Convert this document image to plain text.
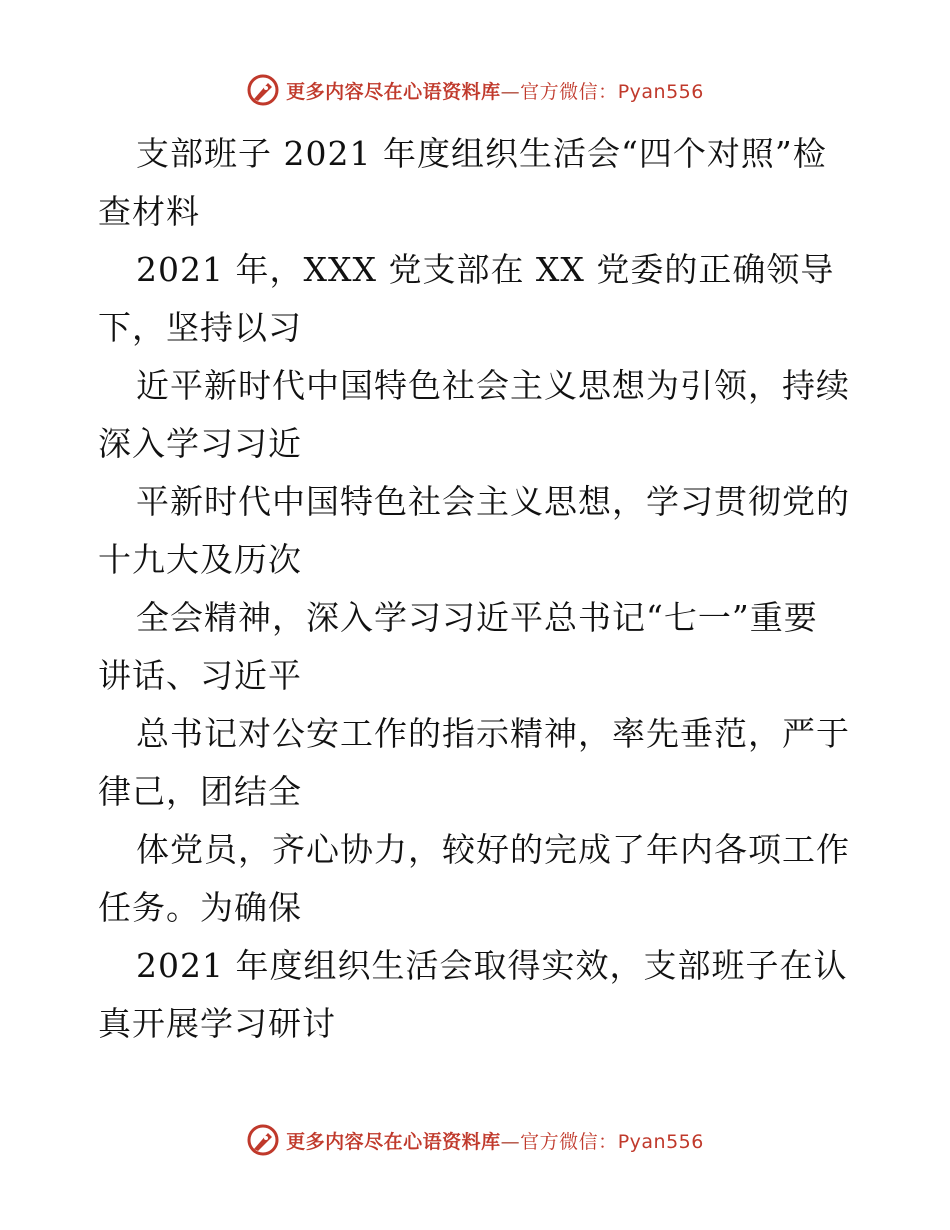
更多内容尽在心语资料库—官方微信：Pyan556
支部班子 2021 年度组织生活会“四个对照”检
查材料
2021 年，XXX 党支部在 XX 党委的正确领导
下，坚持以习
近平新时代中国特色社会主义思想为引领，持续
深入学习习近
平新时代中国特色社会主义思想，学习贯彻党的
十九大及历次
全会精神，深入学习习近平总书记“七一”重要
讲话、习近平
总书记对公安工作的指示精神，率先垂范，严于
律己，团结全
体党员，齐心协力，较好的完成了年内各项工作
任务。为确保
2021 年度组织生活会取得实效，支部班子在认
真开展学习研讨
更多内容尽在心语资料库—官方微信：Pyan556
